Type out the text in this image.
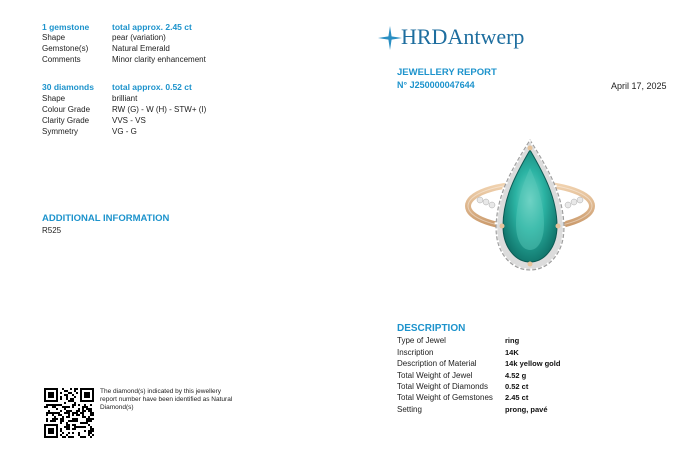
1 gemstone	total approx. 2.45 ct
Shape	pear (variation)
Gemstone(s)	Natural Emerald
Comments	Minor clarity enhancement
30 diamonds total approx. 0.52 ct
Shape	brilliant
Colour Grade	RW (G) - W (H) - STW+ (I)
Clarity Grade	VVS - VS
Symmetry	VG - G
ADDITIONAL INFORMATION
R525
The diamond(s) indicated by this jewellery report number have been identified as Natural Diamond(s)
HRDAntwerp
JEWELLERY REPORT
N° J250000047644	April 17, 2025
DESCRIPTION
Type of Jewel	ring
Inscription	14K
Description of Material	14k yellow gold
Total Weight of Jewel	4.52 g
Total Weight of Diamonds 0.52 ct
Total Weight of Gemstones 2.45 ct
Setting	prong, pavé
